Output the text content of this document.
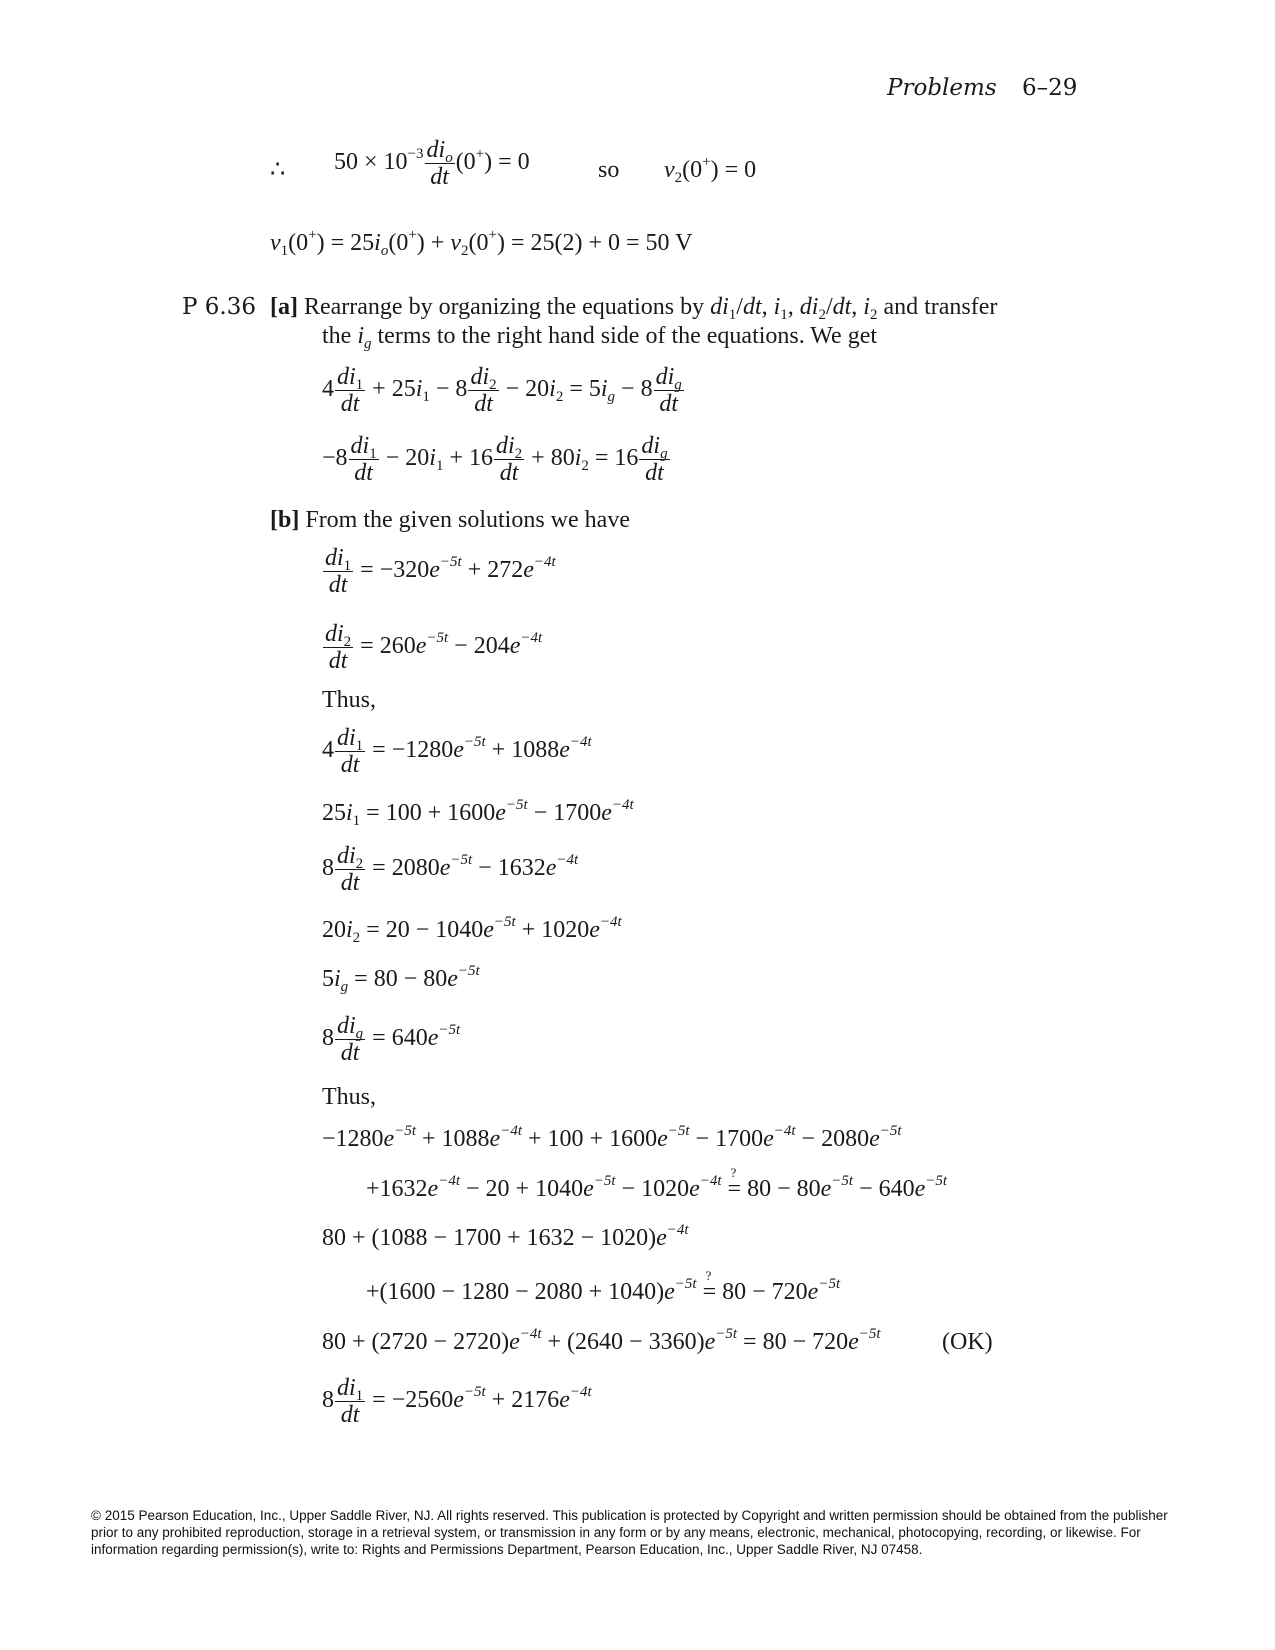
Problems 6–29
∴ $50 \times 10^{-3} \frac{di_o}{dt} (0^+) = 0$	so $v_2(0^+) = 0$
$v_1(0^+) = 25i_o(0^+) + v_2(0^+) = 25(2) + 0 = 50$ V
P 6.36 [a] Rearrange by organizing the equations by $di_1/dt$, $i_1$, $di_2/dt$, $i_2$ and transfer
the $i_g$ terms to the right hand side of the equations. We get
$4 \frac{di_1}{dt} + 25i_1 - 8 \frac{di_2}{dt} - 20i_2 = 5i_g - 8 \frac{di_g}{dt}$
$-8 \frac{di_1}{dt} - 20i_1 + 16 \frac{di_2}{dt} + 80i_2 = 16 \frac{di_g}{dt}$
[b] From the given solutions we have
$\frac{di_1}{dt} = -320e^{-5t} + 272e^{-4t}$
$\frac{di_2}{dt} = 260e^{-5t} - 204e^{-4t}$
Thus,
$4 \frac{di_1}{dt} = -1280e^{-5t} + 1088e^{-4t}$
$25i_1 = 100 + 1600e^{-5t} - 1700e^{-4t}$
$8 \frac{di_2}{dt} = 2080e^{-5t} - 1632e^{-4t}$
$20i_2 = 20 - 1040e^{-5t} + 1020e^{-4t}$
$5i_g = 80 - 80e^{-5t}$
$8 \frac{di_g}{dt} = 640e^{-5t}$
Thus,
$-1280e^{-5t} + 1088e^{-4t} + 100 + 1600e^{-5t} - 1700e^{-4t} - 2080e^{-5t}$
$+1632e^{-4t} - 20 + 1040e^{-5t} - 1020e^{-4t}$ = ? $80 - 80e^{-5t} - 640e^{-5t}$
$80 + (1088 - 1700 + 1632 - 1020)e^{-4t}$
$+(1600 - 1280 - 2080 + 1040)e^{-5t}$ = ? $80 - 720e^{-5t}$
$80 + (2720 - 2720)e^{-4t} + (2640 - 3360)e^{-5t} = 80 - 720e^{-5t}$	(OK)
$8 \frac{di_1}{dt} = -2560e^{-5t} + 2176e^{-4t}$
© 2015 Pearson Education, Inc., Upper Saddle River, NJ. All rights reserved. This publication is protected by Copyright and written permission should be obtained from the publisher prior to any prohibited reproduction, storage in a retrieval system, or transmission in any form or by any means, electronic, mechanical, photocopying, recording, or likewise. For information regarding permission(s), write to: Rights and Permissions Department, Pearson Education, Inc., Upper Saddle River, NJ 07458.
